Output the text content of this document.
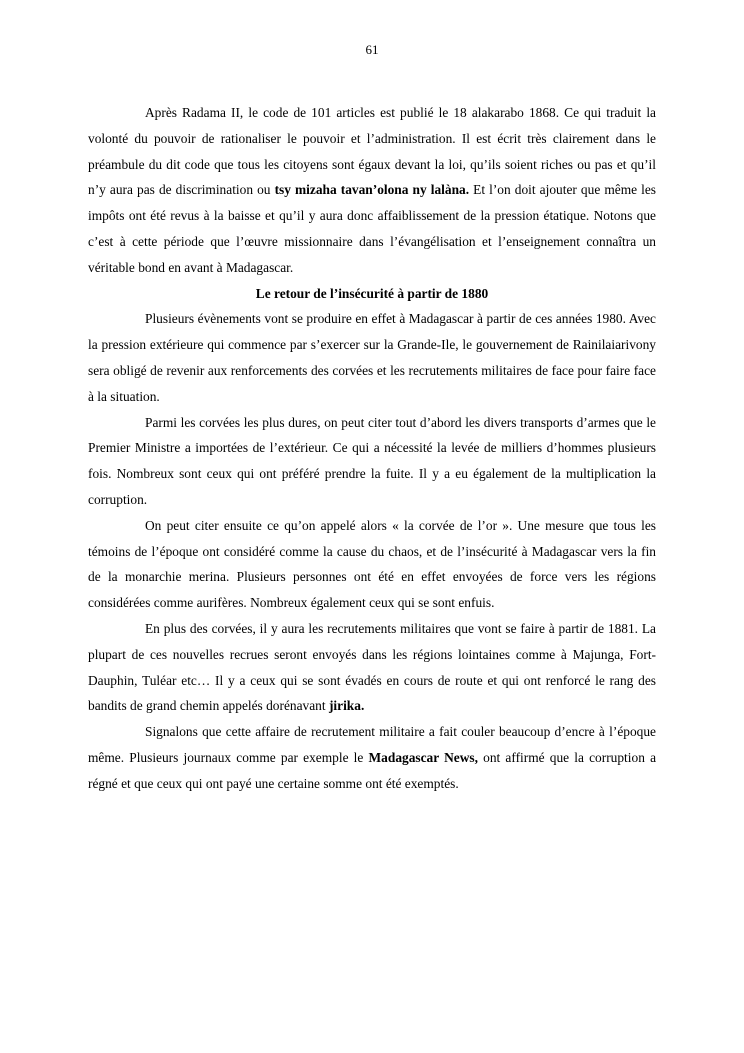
61

Après Radama II, le code de 101 articles est publié le 18 alakarabo 1868. Ce qui traduit la volonté du pouvoir de rationaliser le pouvoir et l’administration. Il est écrit très clairement dans le préambule du dit code que tous les citoyens sont égaux devant la loi, qu’ils soient riches ou pas et qu’il n’y aura pas de discrimination ou tsy mizaha tavan’olona ny lalàna. Et l’on doit ajouter que même les impôts ont été revus à la baisse et qu’il y aura donc affaiblissement de la pression étatique. Notons que c’est à cette période que l’œuvre missionnaire dans l’évangélisation et l’enseignement connaîtra un véritable bond en avant à Madagascar.

Le retour de l’insécurité à partir de 1880

Plusieurs évènements vont se produire en effet à Madagascar à partir de ces années 1980. Avec la pression extérieure qui commence par s’exercer sur la Grande-Ile, le gouvernement de Rainilaiarivony sera obligé de revenir aux renforcements des corvées et les recrutements militaires de face pour faire face à la situation.

Parmi les corvées les plus dures, on peut citer tout d’abord les divers transports d’armes que le Premier Ministre a importées de l’extérieur. Ce qui a nécessité la levée de milliers d’hommes plusieurs fois. Nombreux sont ceux qui ont préféré prendre la fuite. Il y a eu également de la multiplication la corruption.

On peut citer ensuite ce qu’on appelé alors « la corvée de l’or ». Une mesure que tous les témoins de l’époque ont considéré comme la cause du chaos, et de l’insécurité à Madagascar vers la fin de la monarchie merina. Plusieurs personnes ont été en effet envoyées de force vers les régions considérées comme aurifères. Nombreux également ceux qui se sont enfuis.

En plus des corvées, il y aura les recrutements militaires que vont se faire à partir de 1881. La plupart de ces nouvelles recrues seront envoyés dans les régions lointaines comme à Majunga, Fort-Dauphin, Tuléar etc… Il y a ceux qui se sont évadés en cours de route et qui ont renforcé le rang des bandits de grand chemin appelés dorénavant jirika.

Signalons que cette affaire de recrutement militaire a fait couler beaucoup d’encre à l’époque même. Plusieurs journaux comme par exemple le Madagascar News, ont affirmé que la corruption a régné et que ceux qui ont payé une certaine somme ont été exemptés.
